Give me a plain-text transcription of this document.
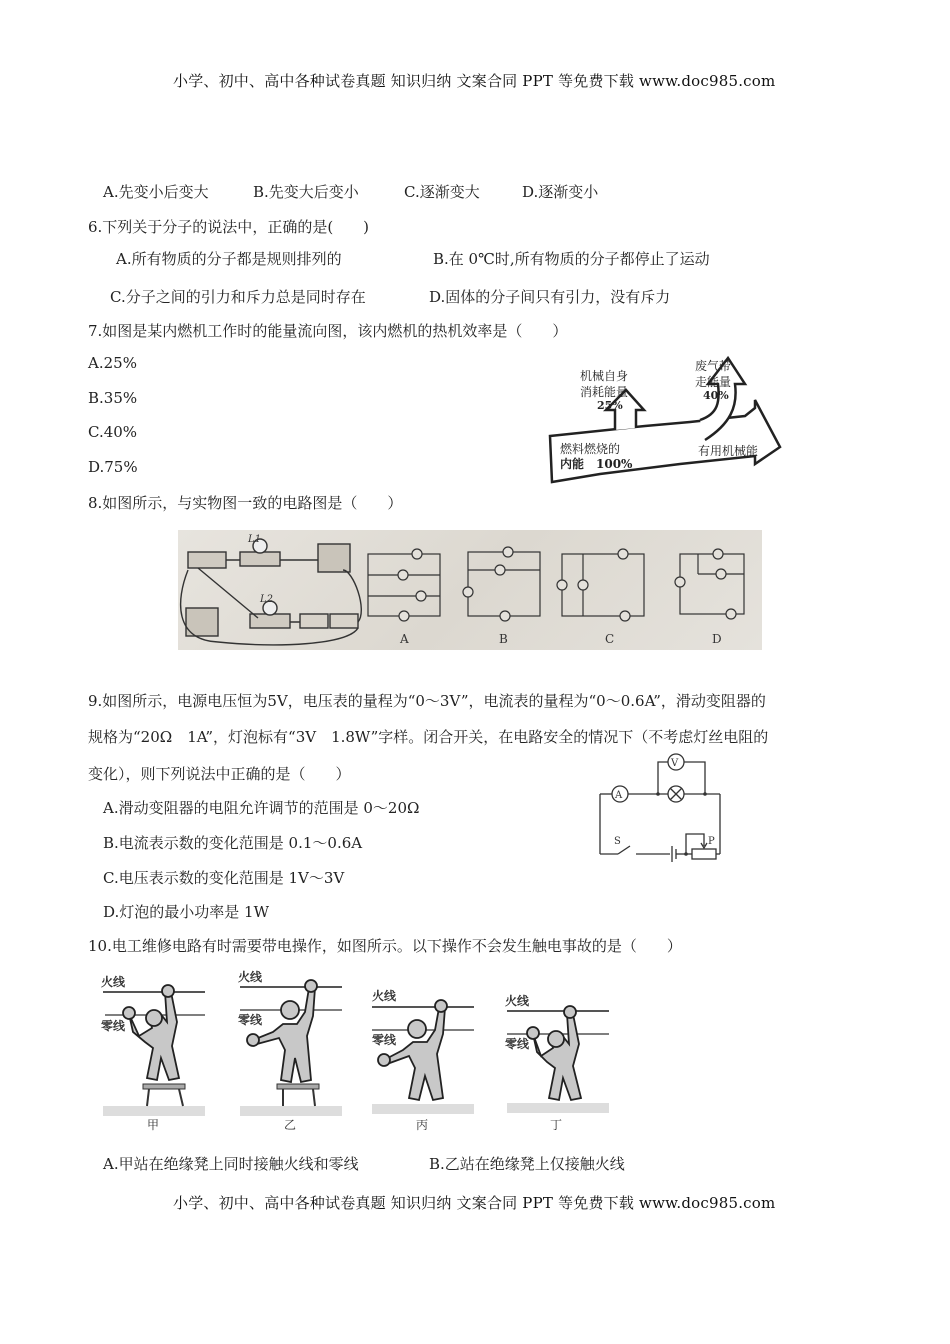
小学、初中、高中各种试卷真题 知识归纳 文案合同 PPT 等免费下载 www.doc985.com
A.先变小后变大	B.先变大后变小	C.逐渐变大	D.逐渐变小
6.下列关于分子的说法中，正确的是(　　)
A.所有物质的分子都是规则排列的	B.在 0℃时,所有物质的分子都停止了运动
C.分子之间的引力和斥力总是同时存在	D.固体的分子间只有引力，没有斥力
7.如图是某内燃机工作时的能量流向图，该内燃机的热机效率是（　　）
A.25%
B.35%
C.40%
D.75%
机械自身
消耗能量
25%
废气带
走能量
40%
燃料燃烧的
内能　100%
有用机械能
8.如图所示，与实物图一致的电路图是（　　）
L1
L2
A	B	C	D
9.如图所示，电源电压恒为5V，电压表的量程为“0～3V”，电流表的量程为“0～0.6A”，滑动变阻器的
规格为“20Ω　1A”，灯泡标有“3V　1.8W”字样。闭合开关，在电路安全的情况下（不考虑灯丝电阻的
变化），则下列说法中正确的是（　　）
A.滑动变阻器的电阻允许调节的范围是 0～20Ω
B.电流表示数的变化范围是 0.1～0.6A
C.电压表示数的变化范围是 1V～3V
D.灯泡的最小功率是 1W
A
V
S	P
10.电工维修电路有时需要带电操作，如图所示。以下操作不会发生触电事故的是（　　）
火线
零线
火线
零线
火线
零线
火线
零线
甲	乙	丙	丁
A.甲站在绝缘凳上同时接触火线和零线	B.乙站在绝缘凳上仅接触火线
小学、初中、高中各种试卷真题 知识归纳 文案合同 PPT 等免费下载 www.doc985.com
